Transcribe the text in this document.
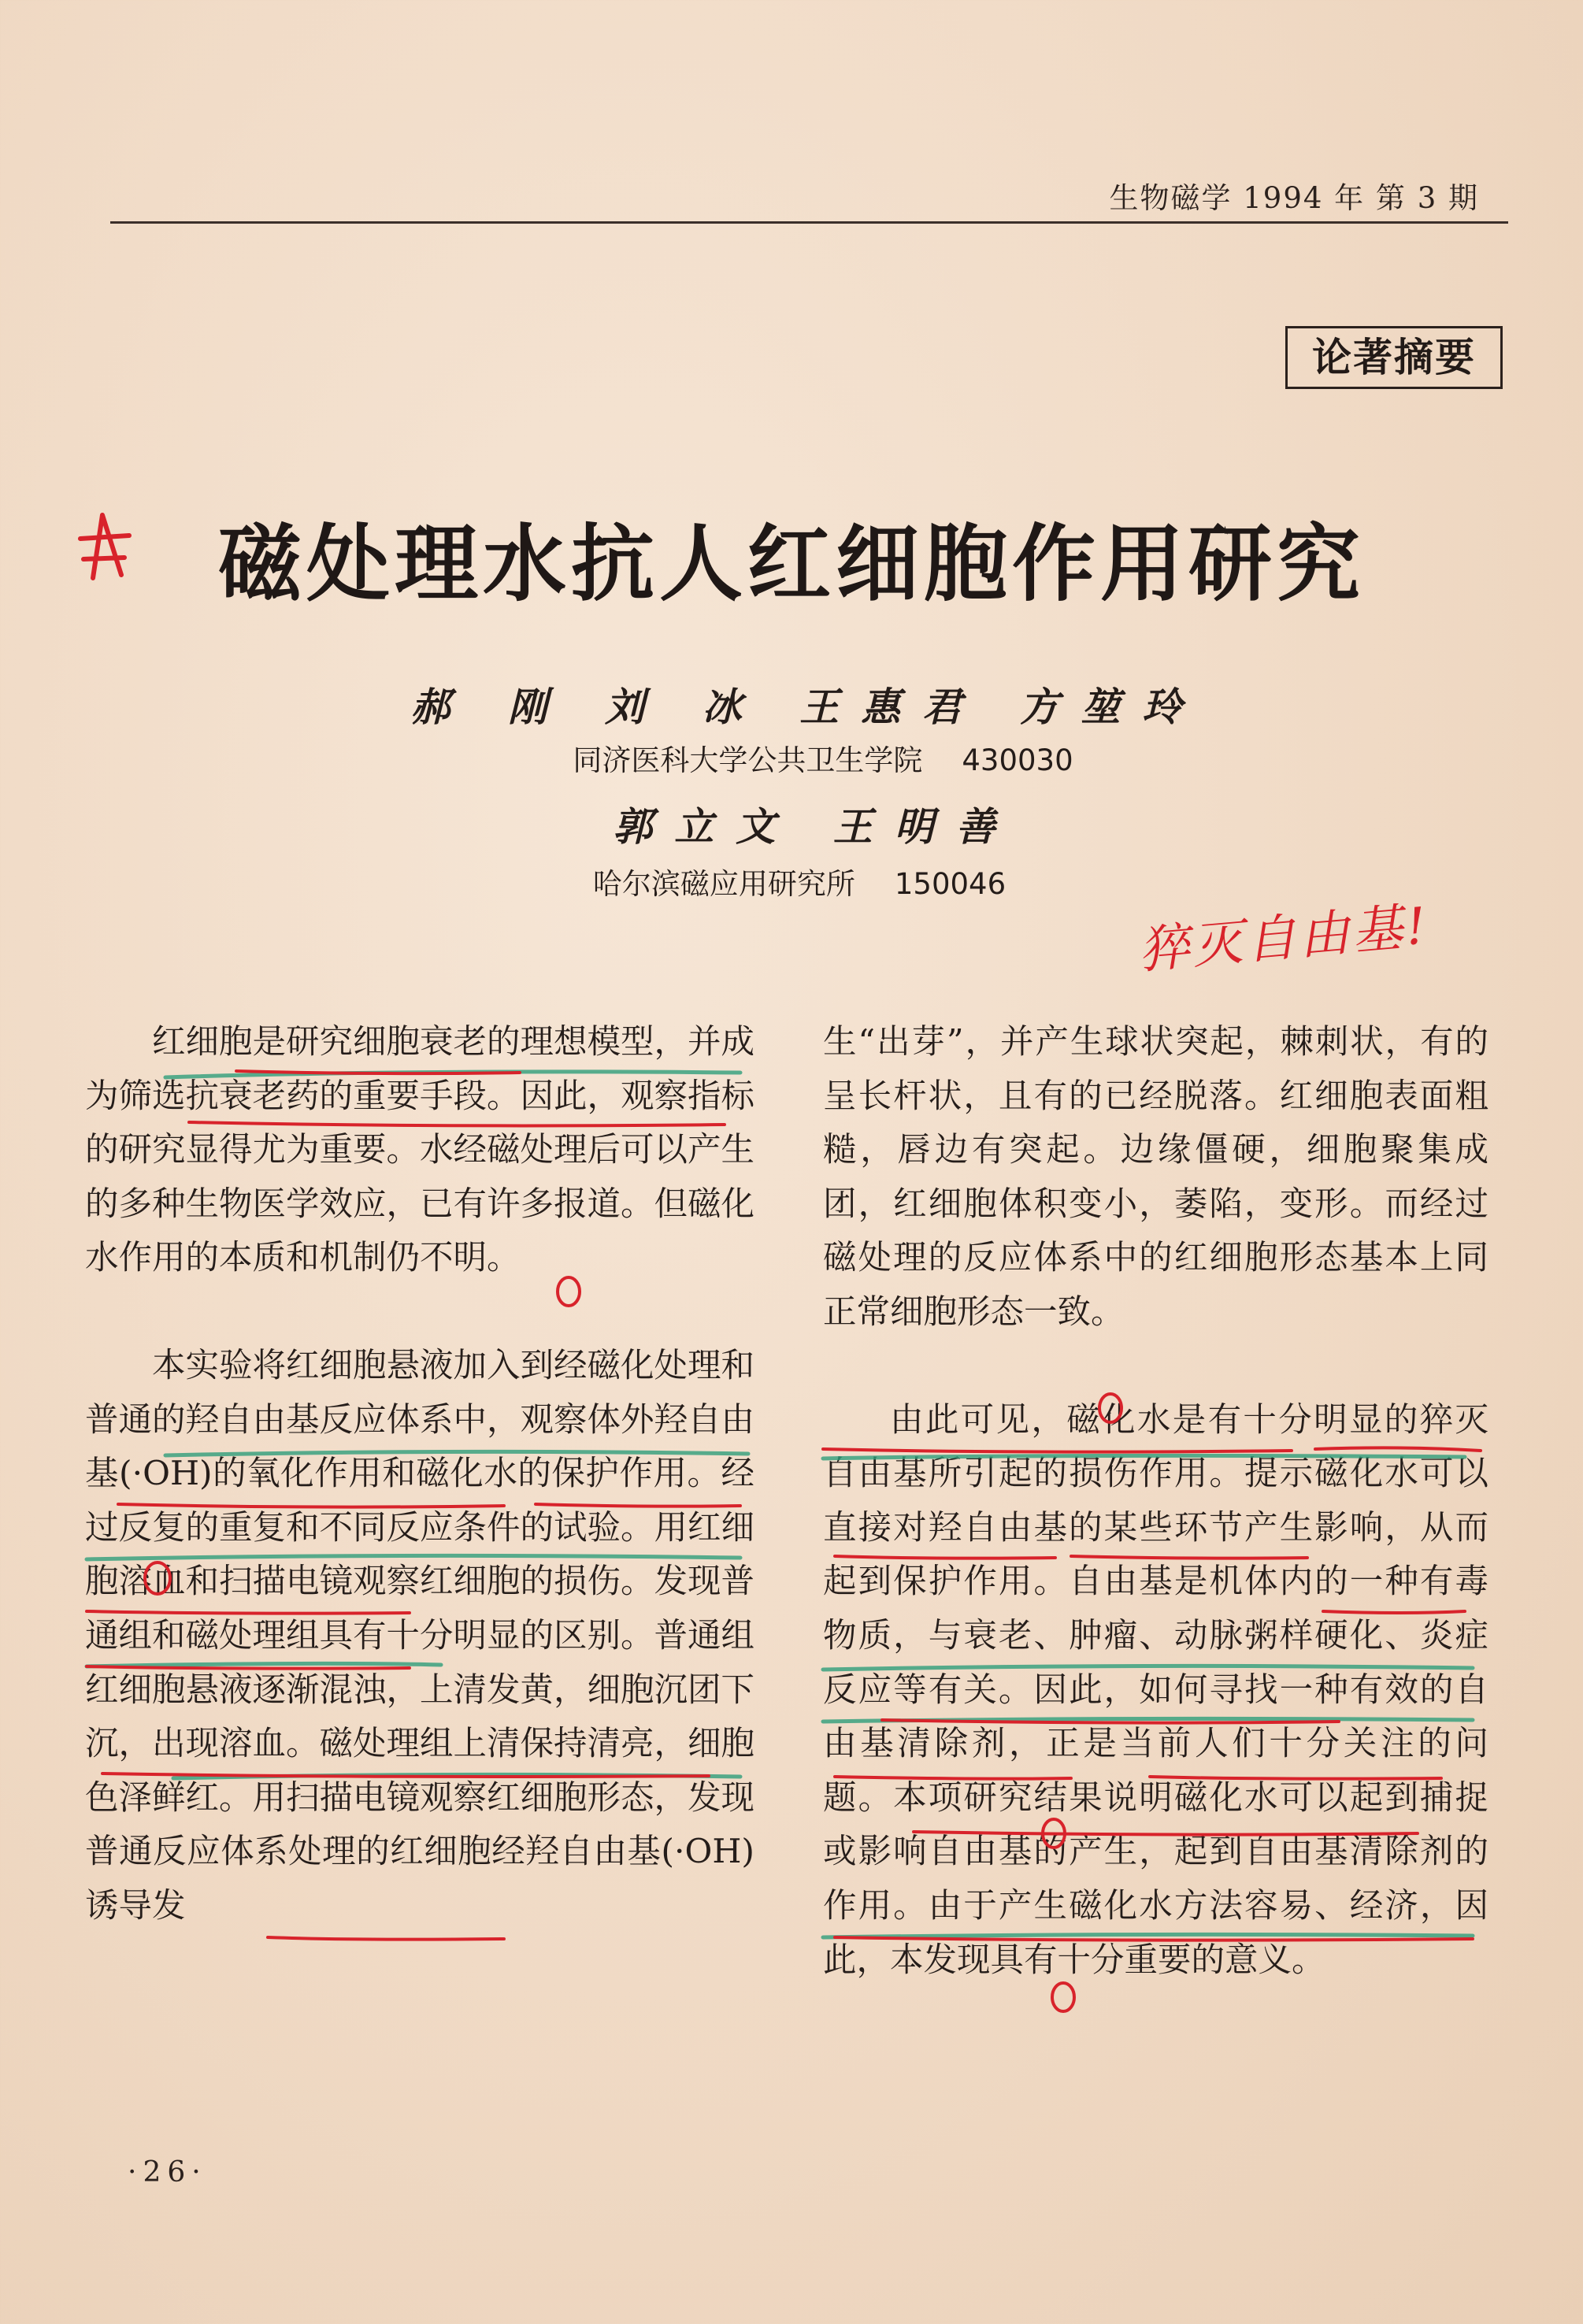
生物磁学 1994 年 第 3 期
论著摘要
磁处理水抗人红细胞作用研究
郝 刚 刘 冰 王惠君 方堃玲
同济医科大学公共卫生学院 430030
郭立文 王明善
哈尔滨磁应用研究所 150046
猝灭自由基!

红细胞是研究细胞衰老的理想模型，并成为筛选抗衰老药的重要手段。因此，观察指标的研究显得尤为重要。水经磁处理后可以产生的多种生物医学效应，已有许多报道。但磁化水作用的本质和机制仍不明。

本实验将红细胞悬液加入到经磁化处理和普通的羟自由基反应体系中，观察体外羟自由基(·OH)的氧化作用和磁化水的保护作用。经过反复的重复和不同反应条件的试验。用红细胞溶血和扫描电镜观察红细胞的损伤。发现普通组和磁处理组具有十分明显的区别。普通组红细胞悬液逐渐混浊，上清发黄，细胞沉团下沉，出现溶血。磁处理组上清保持清亮，细胞色泽鲜红。用扫描电镜观察红细胞形态，发现普通反应体系处理的红细胞经羟自由基(·OH)诱导发

生“出芽”，并产生球状突起，棘刺状，有的呈长杆状，且有的已经脱落。红细胞表面粗糙，唇边有突起。边缘僵硬，细胞聚集成团，红细胞体积变小，萎陷，变形。而经过磁处理的反应体系中的红细胞形态基本上同正常细胞形态一致。

由此可见，磁化水是有十分明显的猝灭自由基所引起的损伤作用。提示磁化水可以直接对羟自由基的某些环节产生影响，从而起到保护作用。自由基是机体内的一种有毒物质，与衰老、肿瘤、动脉粥样硬化、炎症反应等有关。因此，如何寻找一种有效的自由基清除剂，正是当前人们十分关注的问题。本项研究结果说明磁化水可以起到捕捉或影响自由基的产生，起到自由基清除剂的作用。由于产生磁化水方法容易、经济，因此，本发现具有十分重要的意义。

·26·
